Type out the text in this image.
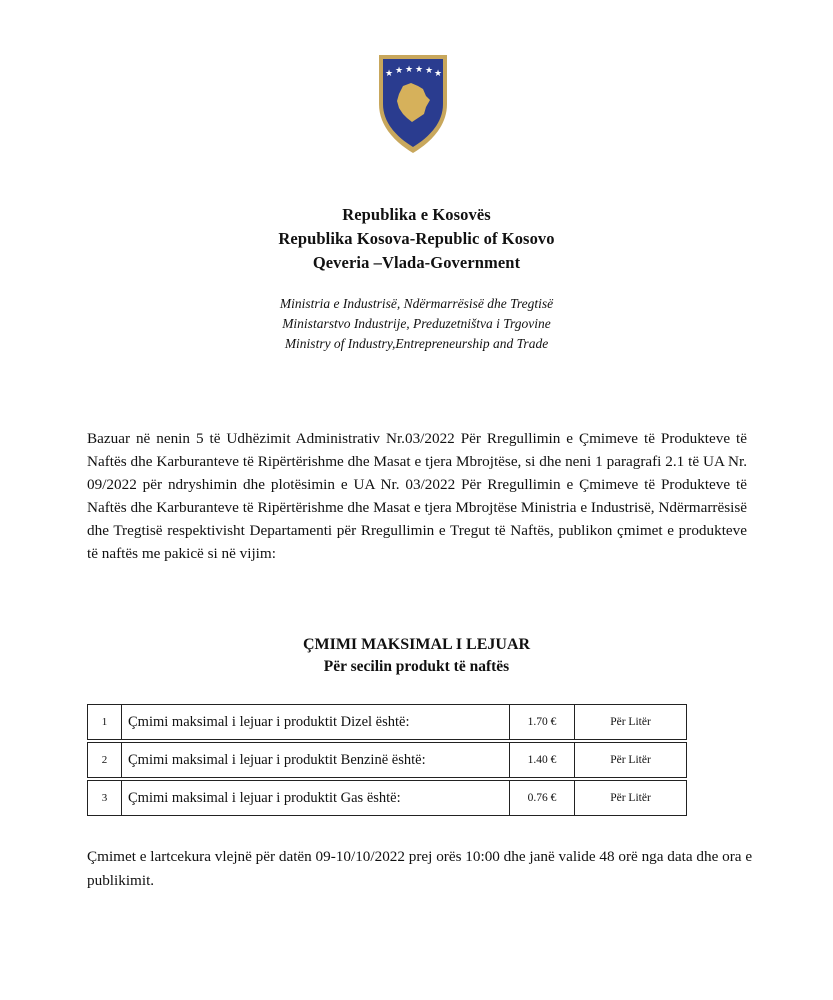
★ ★ ★ ★ ★ ★
Republika e Kosovës
Republika Kosova-Republic of Kosovo
Qeveria –Vlada-Government
Ministria e Industrisë, Ndërmarrësisë dhe Tregtisë
Ministarstvo Industrije, Preduzetništva i Trgovine
Ministry of Industry,Entrepreneurship and Trade
Bazuar në nenin 5 të Udhëzimit Administrativ Nr.03/2022 Për Rregullimin e Çmimeve të Produkteve të Naftës dhe Karburanteve të Ripërtërishme dhe Masat e tjera Mbrojtëse, si dhe neni 1 paragrafi 2.1 të UA Nr. 09/2022 për ndryshimin dhe plotësimin e UA Nr. 03/2022 Për Rregullimin e Çmimeve të Produkteve të Naftës dhe Karburanteve të Ripërtërishme dhe Masat e tjera Mbrojtëse Ministria e Industrisë, Ndërmarrësisë dhe Tregtisë respektivisht Departamenti për Rregullimin e Tregut të Naftës, publikon çmimet e produkteve të naftës me pakicë si në vijim:
ÇMIMI MAKSIMAL I LEJUAR
Për secilin produkt të naftës
1	Çmimi maksimal i lejuar i produktit Dizel është:	1.70 €	Për Litër
2	Çmimi maksimal i lejuar i produktit Benzinë është:	1.40 €	Për Litër
3	Çmimi maksimal i lejuar i produktit Gas është:	0.76 €	Për Litër
Çmimet e lartcekura vlejnë për datën 09-10/10/2022 prej orës 10:00 dhe janë valide 48 orë nga data dhe ora e publikimit.
